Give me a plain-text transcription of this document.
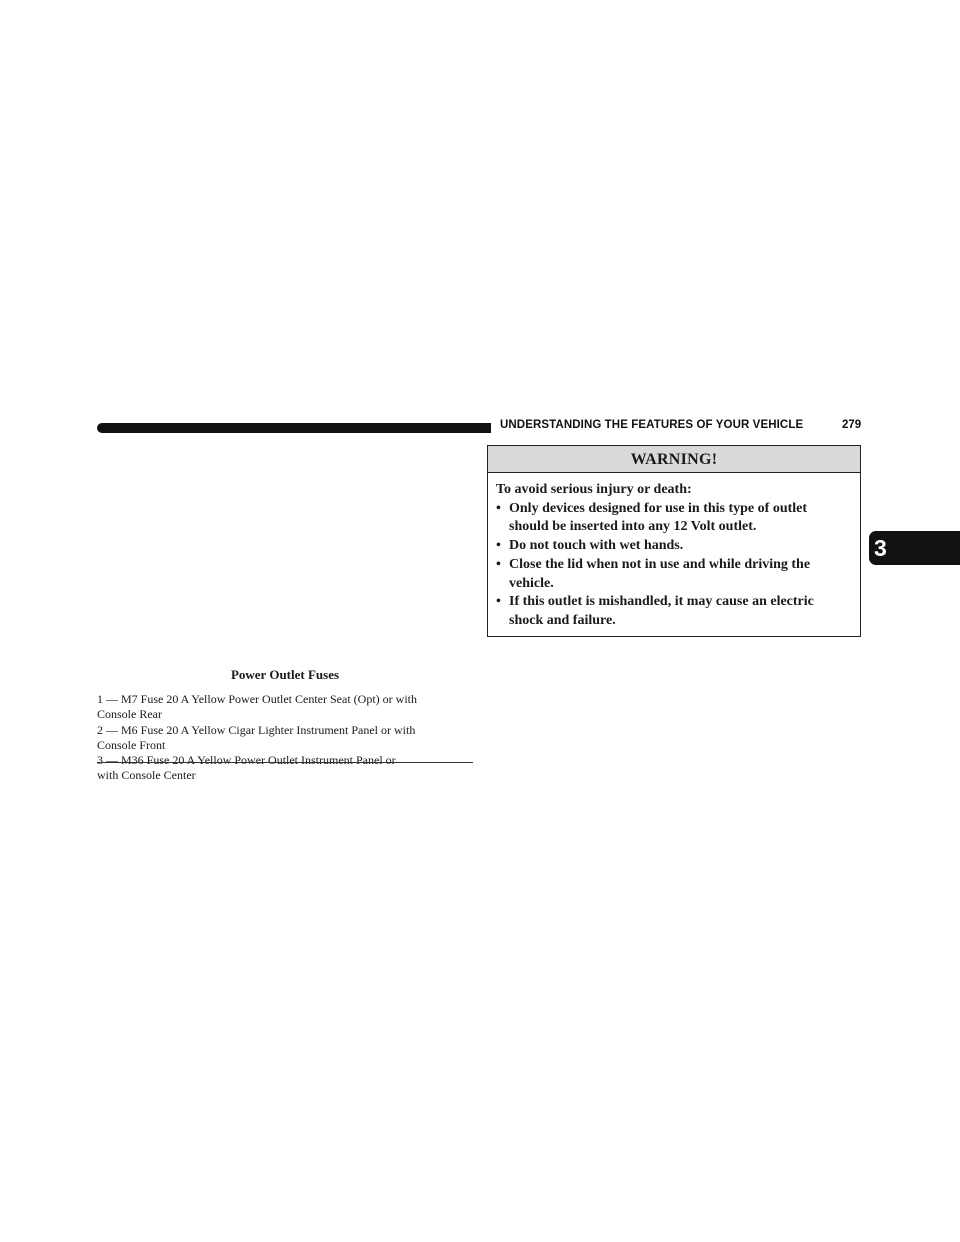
UNDERSTANDING THE FEATURES OF YOUR VEHICLE	279
3
Power Outlet Fuses
1 — M7 Fuse 20 A Yellow Power Outlet Center Seat (Opt) or with
Console Rear
2 — M6 Fuse 20 A Yellow Cigar Lighter Instrument Panel or with
Console Front
3 — M36 Fuse 20 A Yellow Power Outlet Instrument Panel or
with Console Center
WARNING!
To avoid serious injury or death:
• Only devices designed for use in this type of outlet
should be inserted into any 12 Volt outlet.
• Do not touch with wet hands.
• Close the lid when not in use and while driving the
vehicle.
• If this outlet is mishandled, it may cause an electric
shock and failure.
